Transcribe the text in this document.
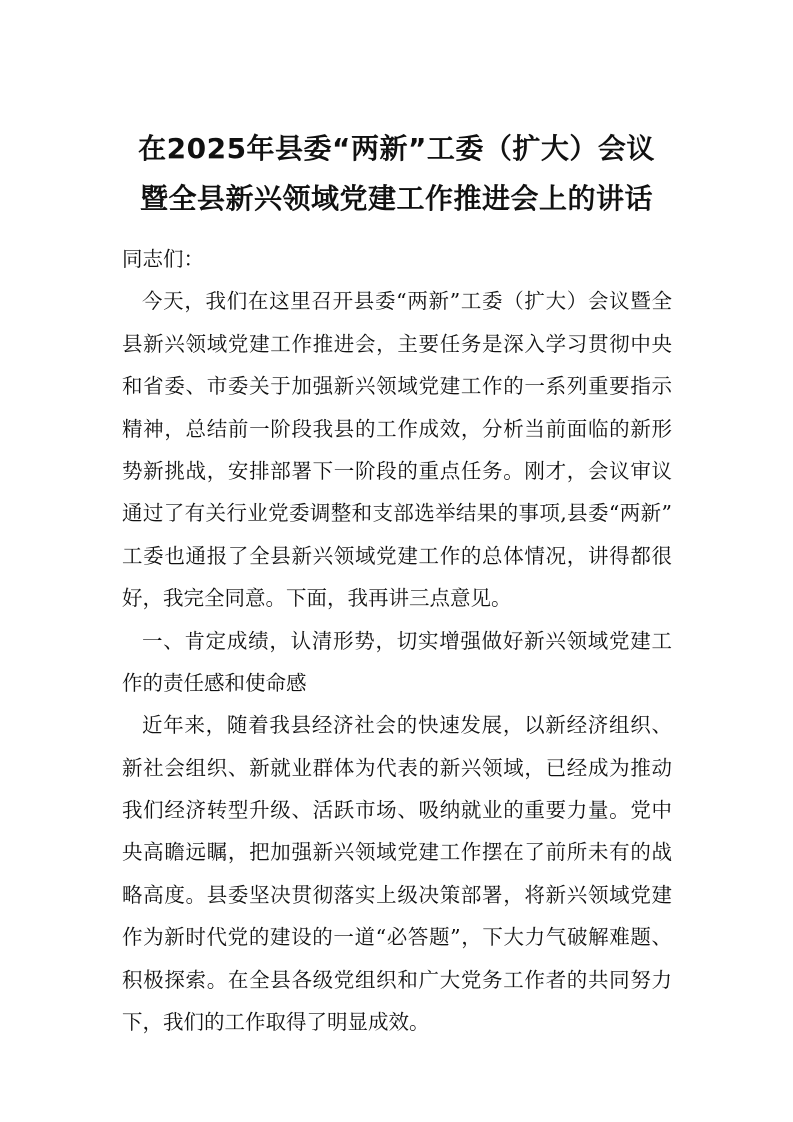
在2025年县委“两新”工委（扩大）会议
暨全县新兴领域党建工作推进会上的讲话
同志们：
今天，我们在这里召开县委“两新”工委（扩大）会议暨全
县新兴领域党建工作推进会，主要任务是深入学习贯彻中央
和省委、市委关于加强新兴领域党建工作的一系列重要指示
精神，总结前一阶段我县的工作成效，分析当前面临的新形
势新挑战，安排部署下一阶段的重点任务。刚才，会议审议
通过了有关行业党委调整和支部选举结果的事项,县委“两新”
工委也通报了全县新兴领域党建工作的总体情况，讲得都很
好，我完全同意。下面，我再讲三点意见。
一、肯定成绩，认清形势，切实增强做好新兴领域党建工
作的责任感和使命感
近年来，随着我县经济社会的快速发展，以新经济组织、
新社会组织、新就业群体为代表的新兴领域，已经成为推动
我们经济转型升级、活跃市场、吸纳就业的重要力量。党中
央高瞻远瞩，把加强新兴领域党建工作摆在了前所未有的战
略高度。县委坚决贯彻落实上级决策部署，将新兴领域党建
作为新时代党的建设的一道“必答题”，下大力气破解难题、
积极探索。在全县各级党组织和广大党务工作者的共同努力
下，我们的工作取得了明显成效。
